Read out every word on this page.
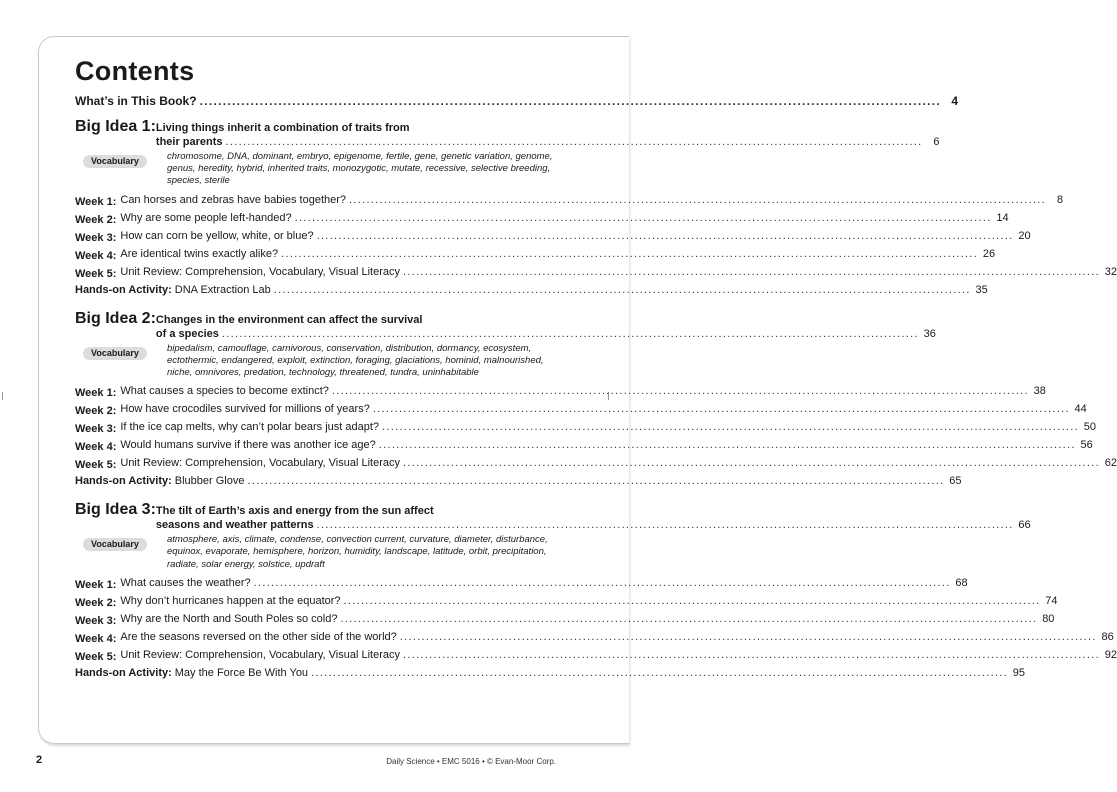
Contents
What’s in This Book? .....	4
Big Idea 1: Living things inherit a combination of traits from
their parents .....	6
Vocabulary	chromosome, DNA, dominant, embryo, epigenome, fertile, gene, genetic variation, genome, genus, heredity, hybrid, inherited traits, monozygotic, mutate, recessive, selective breeding, species, sterile
Week 1: Can horses and zebras have babies together? .....	8
Week 2: Why are some people left-handed? .....	14
Week 3: How can corn be yellow, white, or blue? .....	20
Week 4: Are identical twins exactly alike? .....	26
Week 5: Unit Review: Comprehension, Vocabulary, Visual Literacy .....	32
Hands-on Activity: DNA Extraction Lab .....	35
Big Idea 2: Changes in the environment can affect the survival
of a species .....	36
Vocabulary	bipedalism, camouflage, carnivorous, conservation, distribution, dormancy, ecosystem, ectothermic, endangered, exploit, extinction, foraging, glaciations, hominid, malnourished, niche, omnivores, predation, technology, threatened, tundra, uninhabitable
Week 1: What causes a species to become extinct? .....	38
Week 2: How have crocodiles survived for millions of years? .....	44
Week 3: If the ice cap melts, why can’t polar bears just adapt? .....	50
Week 4: Would humans survive if there was another ice age? .....	56
Week 5: Unit Review: Comprehension, Vocabulary, Visual Literacy .....	62
Hands-on Activity: Blubber Glove .....	65
Big Idea 3: The tilt of Earth’s axis and energy from the sun affect
seasons and weather patterns .....	66
Vocabulary	atmosphere, axis, climate, condense, convection current, curvature, diameter, disturbance, equinox, evaporate, hemisphere, horizon, humidity, landscape, latitude, orbit, precipitation, radiate, solar energy, solstice, updraft
Week 1: What causes the weather? .....	68
Week 2: Why don’t hurricanes happen at the equator? .....	74
Week 3: Why are the North and South Poles so cold? .....	80
Week 4: Are the seasons reversed on the other side of the world? .....	86
Week 5: Unit Review: Comprehension, Vocabulary, Visual Literacy .....	92
Hands-on Activity: May the Force Be With You .....	95
2	Daily Science • EMC 5016 • © Evan-Moor Corp.
